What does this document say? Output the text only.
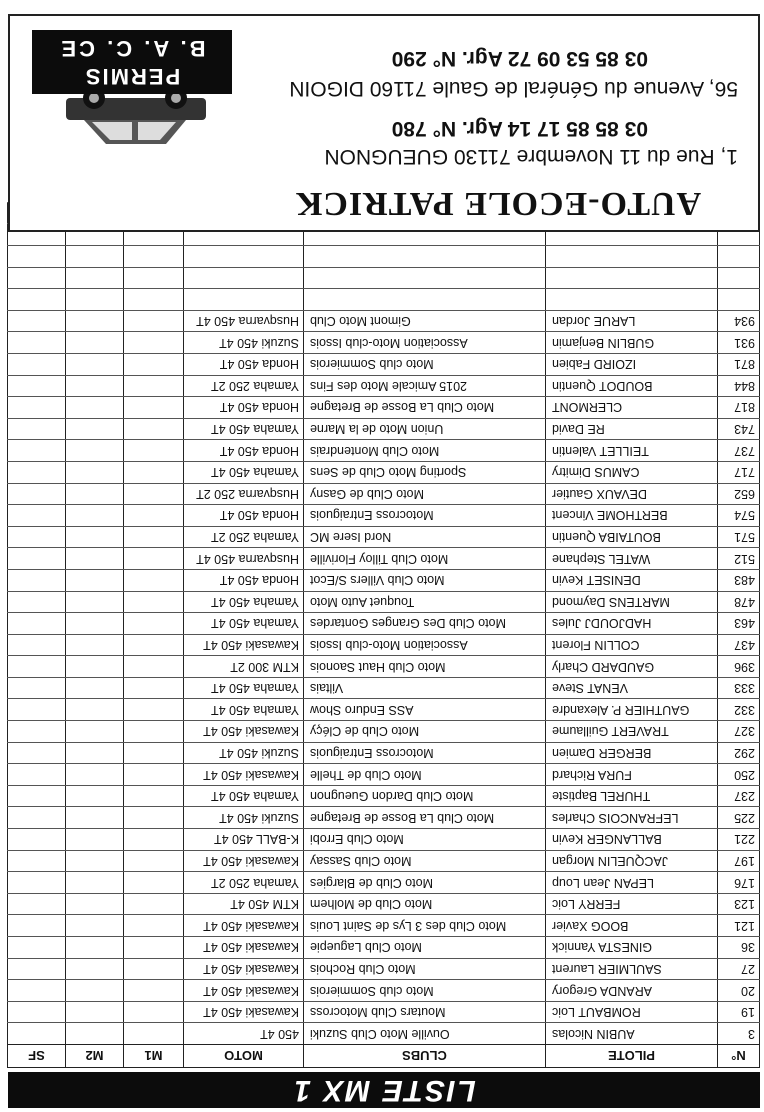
LISTE MX 1
N°	PILOTE	CLUBS	MOTO	M1	M2	SF
3	AUBIN Nicolas	Ouville Moto Club Suzuki	450 4T			
19	ROMBAUT Loic	Moutars Club Motocross	Kawasaki 450 4T			
20	ARANDA Gregory	Moto club Sommierois	Kawasaki 450 4T			
27	SAULMIER Laurent	Moto Club Rochois	Kawasaki 450 4T			
36	GINESTA Yannick	Moto Club Laguepie	Kawasaki 450 4T			
121	BOOG Xavier	Moto Club des 3 Lys de Saint Louis	Kawasaki 450 4T			
123	FERRY Loic	Moto Club de Molhem	KTM 450 4T			
176	LEPAN Jean Loup	Moto Club de Blargies	Yamaha 250 2T			
197	JACQUELIN Morgan	Moto Club Sassay	Kawasaki 450 4T			
221	BALLANGER Kevin	Moto Club Errobi	K-BALL 450 4T			
225	LEFRANCOIS Charles	Moto Club La Bosse de Bretagne	Suzuki 450 4T			
237	THUREL Baptiste	Moto Club Dardon Gueugnon	Yamaha 450 4T			
250	FURA Richard	Moto Club de Thelle	Kawasaki 450 4T			
292	BERGER Damien	Motocross Entraiguois	Suzuki 450 4T			
327	TRAVERT Guillaume	Moto Club de Cléçy	Kawasaki 450 4T			
332	GAUTHIER P. Alexandre	ASS Enduro Show	Yamaha 450 4T			
333	VENAT Steve	Viltais	Yamaha 450 4T			
396	GAUDARD Charly	Moto Club Haut Saonois	KTM 300 2T			
437	COLLIN Florent	Association Moto-club Issois	Kawasaki 450 4T			
463	HADJOUDJ Jules	Moto Club Des Granges Gontardes	Yamaha 450 4T			
478	MARTENS Daymond	Touquet Auto Moto	Yamaha 450 4T			
483	DENISET Kevin	Moto Club Villers S/Ecot	Honda 450 4T			
512	WATEL Stephane	Moto Club Tilloy Floriville	Husqvarna 450 4T			
571	BOUTAIBA Quentin	Nord Isere MC	Yamaha 250 2T			
574	BERTHOME Vincent	Motocross Entraiguois	Honda 450 4T			
652	DEVAUX Gautier	Moto Club de Gasny	Husqvarna 250 2T			
717	CAMUS Dimitry	Sporting Moto Club de Sens	Yamaha 450 4T			
737	TEILLET Valentin	Moto Club Montendrais	Honda 450 4T			
743	RE David	Union Moto de la Marne	Yamaha 450 4T			
817	CLERMONT	Moto Club La Bosse de Bretagne	Honda 450 4T			
844	BOUDOT Quentin	2015 Amicale Moto des Fins	Yamaha 250 2T			
871	IZOIRD Fabien	Moto club Sommierois	Honda 450 4T			
931	GUBLIN Benjamin	Association Moto-club Issois	Suzuki 450 4T			
934	LARUE Jordan	Gimont Moto Club	Husqvarna 450 4T			

AUTO-ECOLE PATRICK
1, Rue du 11 Novembre 71130 GUEUGNON
03 85 85 17 14 Agr. N° 780
56, Avenue du Général de Gaule 71160 DIGOIN
03 85 53 09 72 Agr. N° 290
PERMIS
B. A. C. CE
